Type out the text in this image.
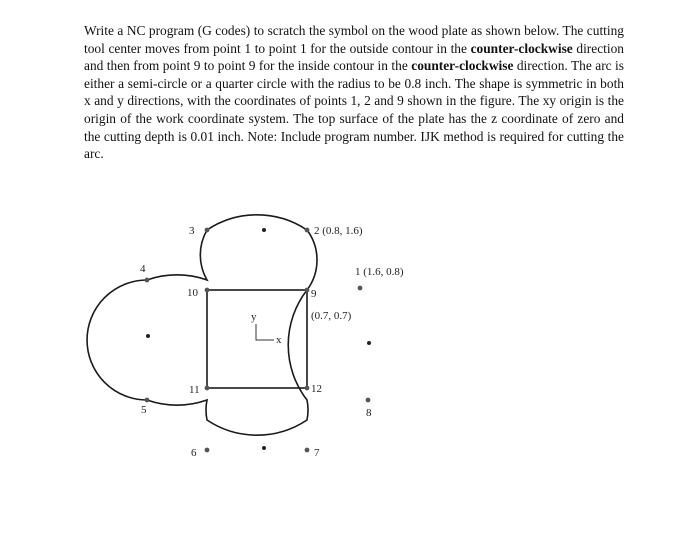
Write a NC program (G codes) to scratch the symbol on the wood plate as shown below. The cutting tool center moves from point 1 to point 1 for the outside contour in the counter-clockwise direction and then from point 9 to point 9 for the inside contour in the counter-clockwise direction. The arc is either a semi-circle or a quarter circle with the radius to be 0.8 inch. The shape is symmetric in both x and y directions, with the coordinates of points 1, 2 and 9 shown in the figure. The xy origin is the origin of the work coordinate system. The top surface of the plate has the z coordinate of zero and the cutting depth is 0.01 inch. Note: Include program number. IJK method is required for cutting the arc.
y
x
1 (1.6, 0.8)
2 (0.8, 1.6)
3
4
5
6	7
8
9
(0.7, 0.7)
10
11	12
